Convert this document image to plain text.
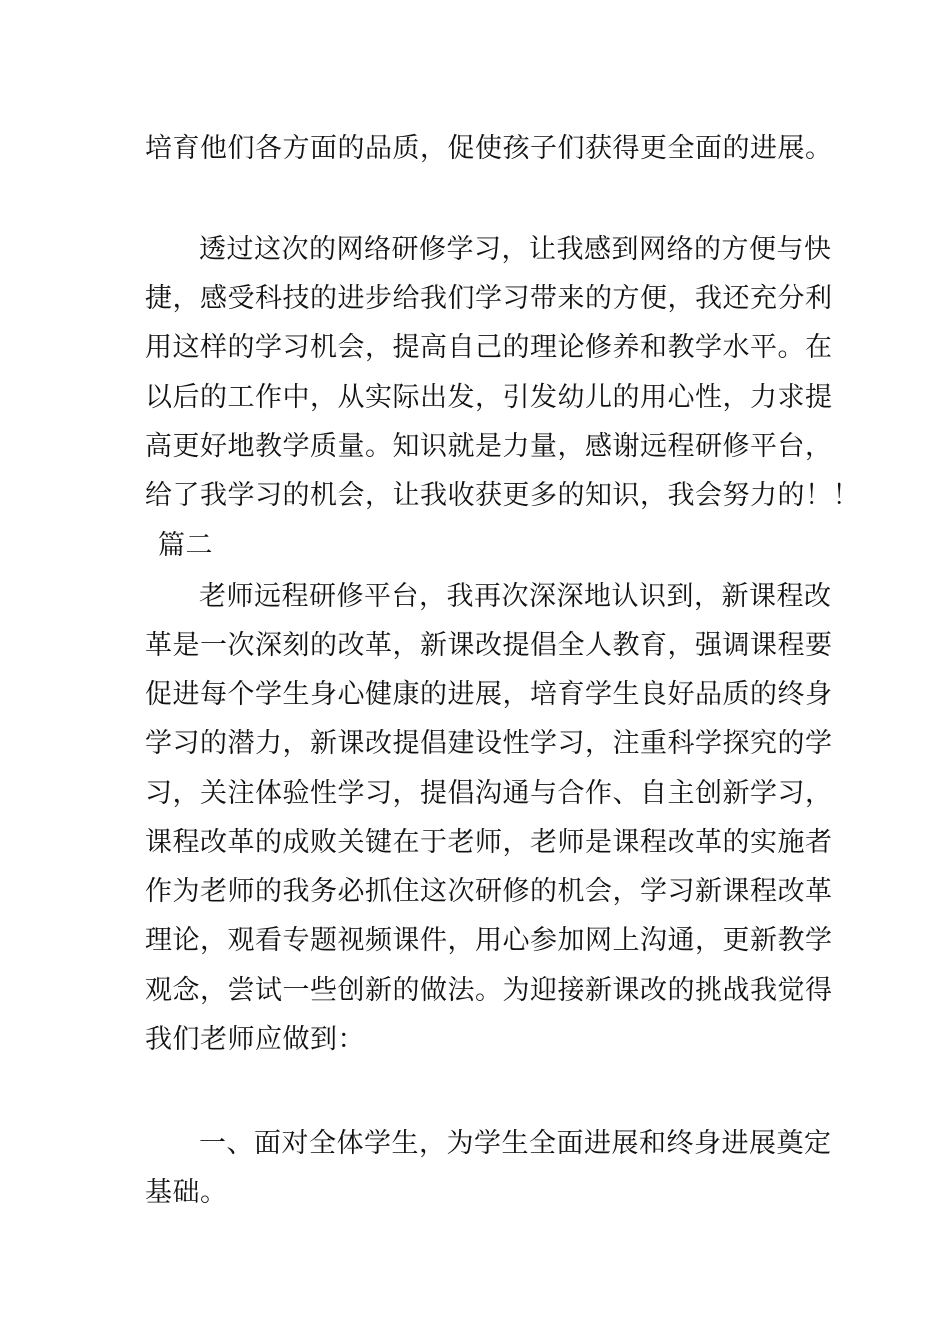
培育他们各方面的品质，促使孩子们获得更全面的进展。
透过这次的网络研修学习，让我感到网络的方便与快
捷，感受科技的进步给我们学习带来的方便，我还充分利
用这样的学习机会，提高自己的理论修养和教学水平。在
以后的工作中，从实际出发，引发幼儿的用心性，力求提
高更好地教学质量。知识就是力量，感谢远程研修平台，
给了我学习的机会，让我收获更多的知识，我会努力的！！
篇二
老师远程研修平台，我再次深深地认识到，新课程改
革是一次深刻的改革，新课改提倡全人教育，强调课程要
促进每个学生身心健康的进展，培育学生良好品质的终身
学习的潜力，新课改提倡建设性学习，注重科学探究的学
习，关注体验性学习，提倡沟通与合作、自主创新学习，
课程改革的成败关键在于老师，老师是课程改革的实施者
作为老师的我务必抓住这次研修的机会，学习新课程改革
理论，观看专题视频课件，用心参加网上沟通，更新教学
观念，尝试一些创新的做法。为迎接新课改的挑战我觉得
我们老师应做到：
一、面对全体学生，为学生全面进展和终身进展奠定
基础。
